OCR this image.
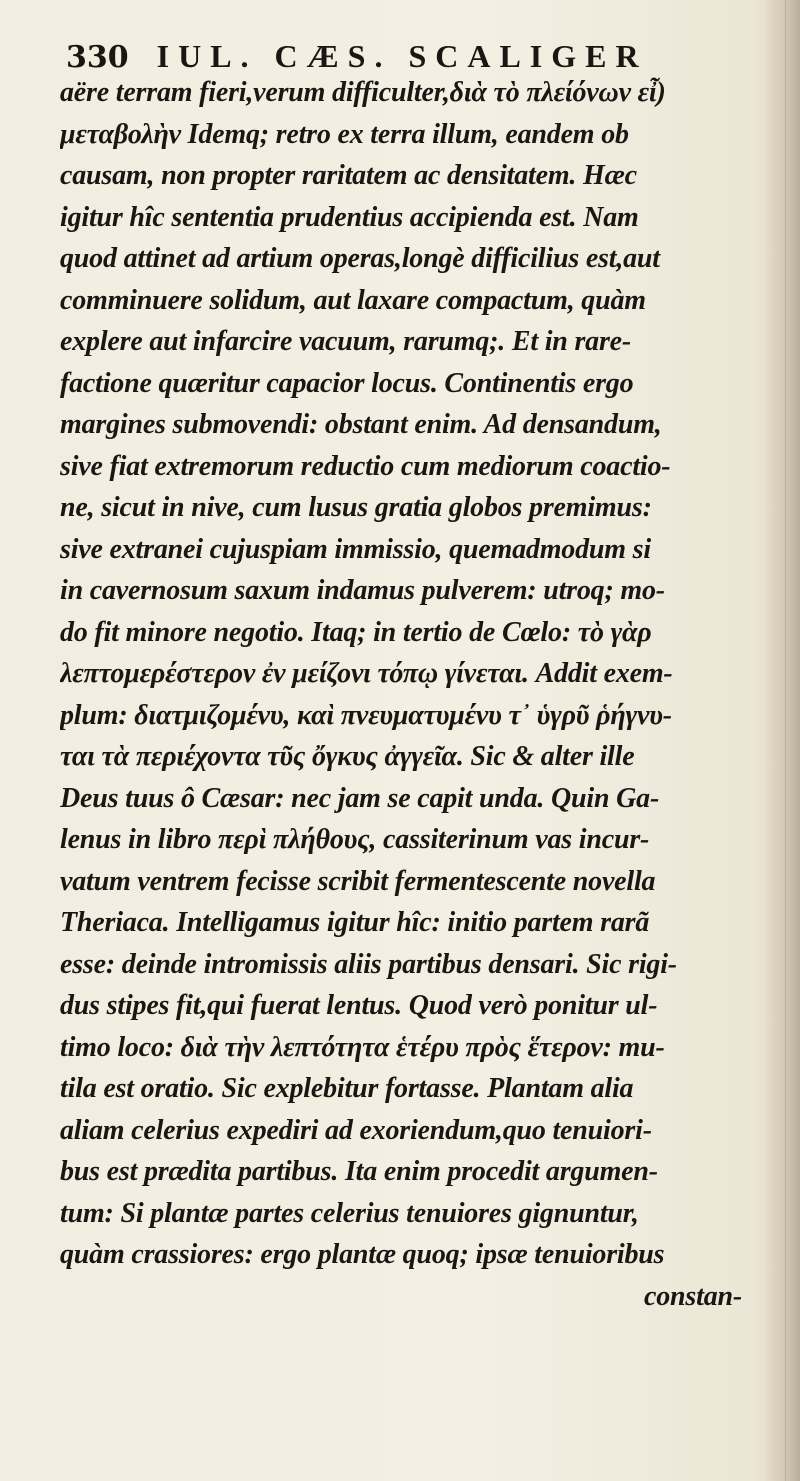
330 IUL. CÆS. SCALIGER
aëre terram fieri,verum difficulter,διὰ τὸ πλείόνων εἶ)
μεταβολὴν Idemq; retro ex terra illum, eandem ob
causam, non propter raritatem ac densitatem. Hæc
igitur hîc sententia prudentius accipienda est. Nam
quod attinet ad artium operas,longè difficilius est,aut
comminuere solidum, aut laxare compactum, quàm
explere aut infarcire vacuum, rarumq;. Et in rare-
factione quæritur capacior locus. Continentis ergo
margines submovendi: obstant enim. Ad densandum,
sive fiat extremorum reductio cum mediorum coactio-
ne, sicut in nive, cum lusus gratia globos premimus:
sive extranei cujuspiam immissio, quemadmodum si
in cavernosum saxum indamus pulverem: utroq; mo-
do fit minore negotio. Itaq; in tertio de Cœlo: τὸ γὰρ
λεπτομερέστερον ἐν μείζονι τόπῳ γίνεται. Addit exem-
plum: διατμιζομένυ, καὶ πνευματυμένυ τ᾽ ὑγρῦ ῥήγνυ-
ται τὰ περιέχοντα τῦς ὄγκυς ἀγγεῖα. Sic & alter ille
Deus tuus ô Cæsar: nec jam se capit unda. Quin Ga-
lenus in libro περὶ πλήθους, cassiterinum vas incur-
vatum ventrem fecisse scribit fermentescente novella
Theriaca. Intelligamus igitur hîc: initio partem rarã
esse: deinde intromissis aliis partibus densari. Sic rigi-
dus stipes fit,qui fuerat lentus. Quod verò ponitur ul-
timo loco: διὰ τὴν λεπτότητα ἑτέρυ πρὸς ἕτερον: mu-
tila est oratio. Sic explebitur fortasse. Plantam alia
aliam celerius expediri ad exoriendum,quo tenuiori-
bus est prædita partibus. Ita enim procedit argumen-
tum: Si plantæ partes celerius tenuiores gignuntur,
quàm crassiores: ergo plantæ quoq; ipsæ tenuioribus
constan-
